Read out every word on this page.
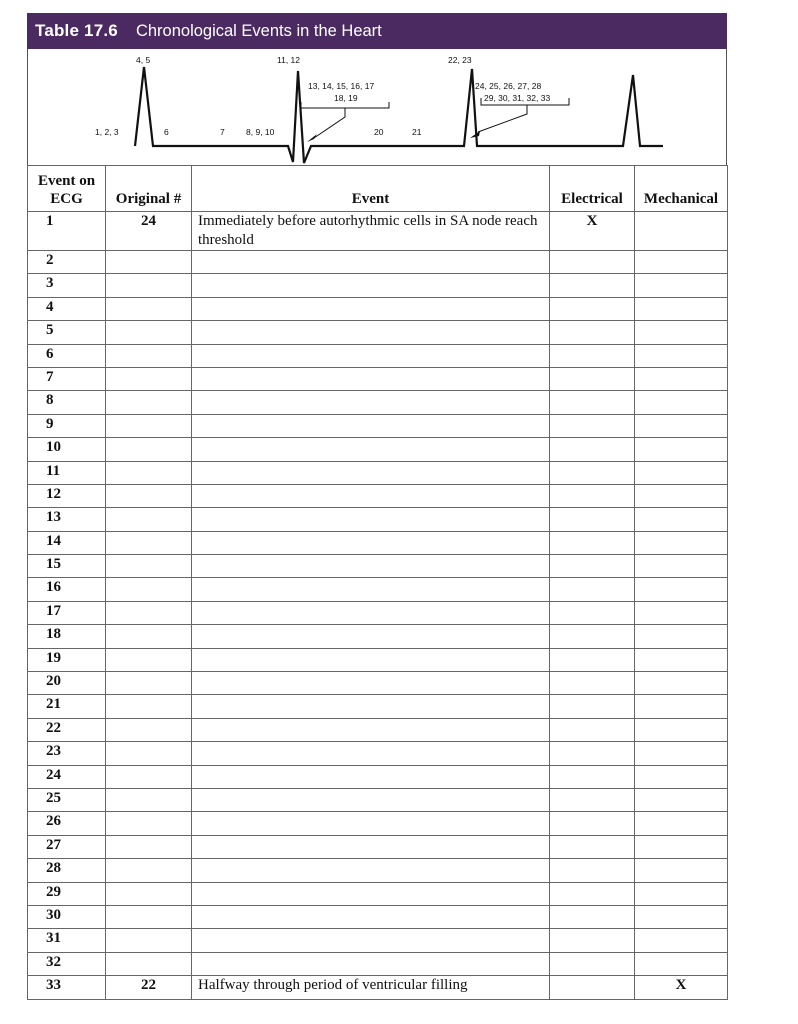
Table 17.6 Chronological Events in the Heart
1, 2, 3
4, 5
6	7	8, 9, 10
11, 12
13, 14, 15, 16, 17
18, 19
20	21
22, 23
24, 25, 26, 27, 28
29, 30, 31, 32, 33
Event on
ECG	Original #	Event	Electrical	Mechanical
1	24	Immediately before autorhythmic cells in SA node reach threshold	X	
2				
3				
4				
5				
6				
7				
8				
9				
10				
11				
12				
13				
14				
15				
16				
17				
18				
19				
20				
21				
22				
23				
24				
25				
26				
27				
28				
29				
30				
31				
32				
33	22	Halfway through period of ventricular filling		X
